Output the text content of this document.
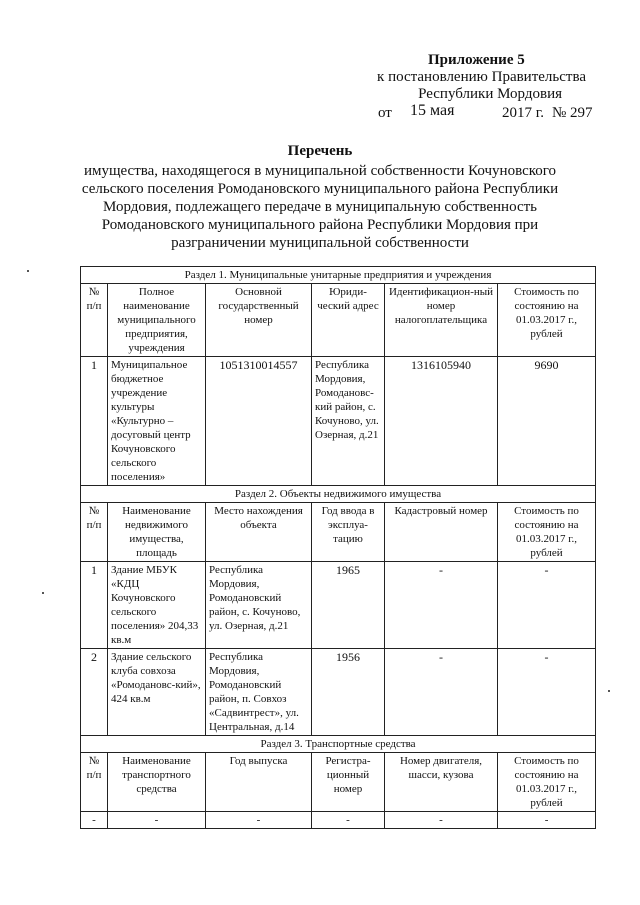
Приложение 5
к постановлению Правительства
Республики Мордовия
от 15 мая	2017 г. № 297
Перечень
имущества, находящегося в муниципальной собственности Кочуновского
сельского поселения Ромодановского муниципального района Республики
Мордовия, подлежащего передаче в муниципальную собственность
Ромодановского муниципального района Республики Мордовия при
разграничении муниципальной собственности
Раздел 1. Муниципальные унитарные предприятия и учреждения					
№ п/п	Полное наименование муниципального предприятия, учреждения	Основной государственный номер	Юриди-ческий адрес	Идентификацион-ный номер налогоплательщика	Стоимость по состоянию на 01.03.2017 г., рублей
1	Муниципальное бюджетное учреждение культуры «Культурно – досуговый центр Кочуновского сельского поселения»	1051310014557	Республика Мордовия, Ромодановс-кий район, с. Кочуново, ул. Озерная, д.21	1316105940	9690
Раздел 2. Объекты недвижимого имущества					
№ п/п	Наименование недвижимого имущества, площадь	Место нахождения объекта	Год ввода в эксплуа-тацию	Кадастровый номер	Стоимость по состоянию на 01.03.2017 г., рублей
1	Здание МБУК «КДЦ Кочуновского сельского поселения» 204,33 кв.м	Республика Мордовия, Ромодановский район, с. Кочуново, ул. Озерная, д.21	1965	-	-
2	Здание сельского клуба совхоза «Ромодановс-кий», 424 кв.м	Республика Мордовия, Ромодановский район, п. Совхоз «Садвинтрест», ул. Центральная, д.14	1956	-	-
Раздел 3. Транспортные средства					
№ п/п	Наименование транспортного средства	Год выпуска	Регистра-ционный номер	Номер двигателя, шасси, кузова	Стоимость по состоянию на 01.03.2017 г., рублей
-	-	-	-	-	-
